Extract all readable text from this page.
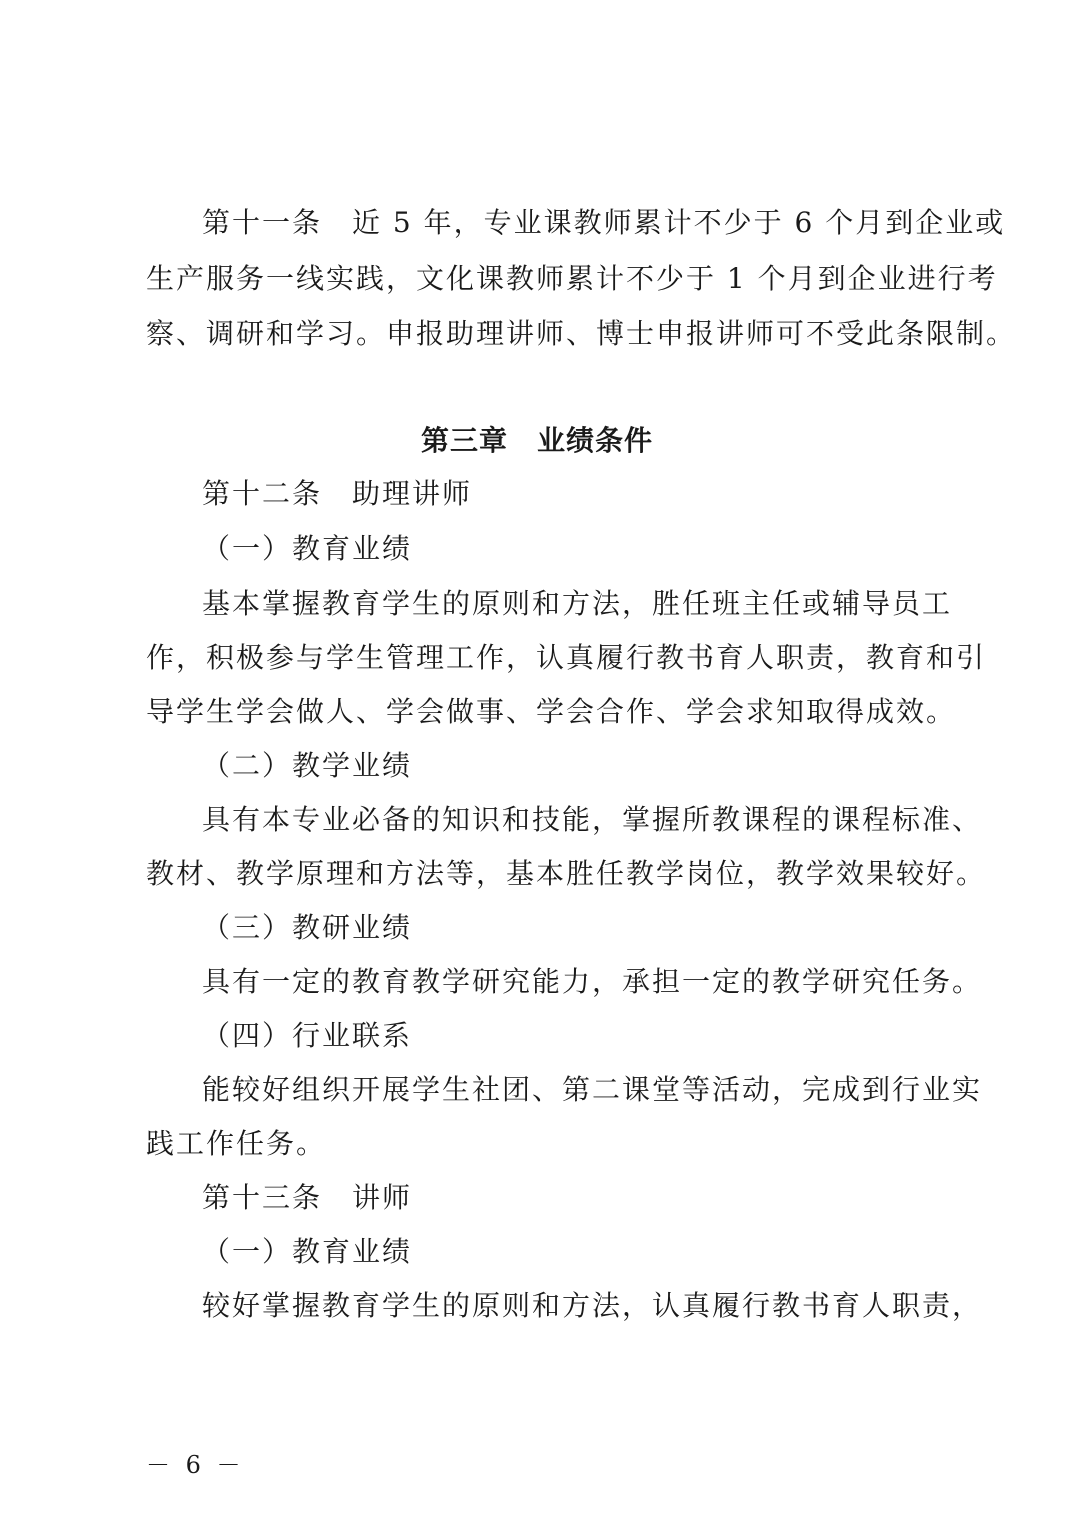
第十一条　近 5 年，专业课教师累计不少于 6 个月到企业或
生产服务一线实践，文化课教师累计不少于 1 个月到企业进行考
察、调研和学习。申报助理讲师、博士申报讲师可不受此条限制。
第三章　业绩条件
第十二条　助理讲师
（一）教育业绩
基本掌握教育学生的原则和方法，胜任班主任或辅导员工
作，积极参与学生管理工作，认真履行教书育人职责，教育和引
导学生学会做人、学会做事、学会合作、学会求知取得成效。
（二）教学业绩
具有本专业必备的知识和技能，掌握所教课程的课程标准、
教材、教学原理和方法等，基本胜任教学岗位，教学效果较好。
（三）教研业绩
具有一定的教育教学研究能力，承担一定的教学研究任务。
（四）行业联系
能较好组织开展学生社团、第二课堂等活动，完成到行业实
践工作任务。
第十三条　讲师
（一）教育业绩
较好掌握教育学生的原则和方法，认真履行教书育人职责，
－ 6 －
